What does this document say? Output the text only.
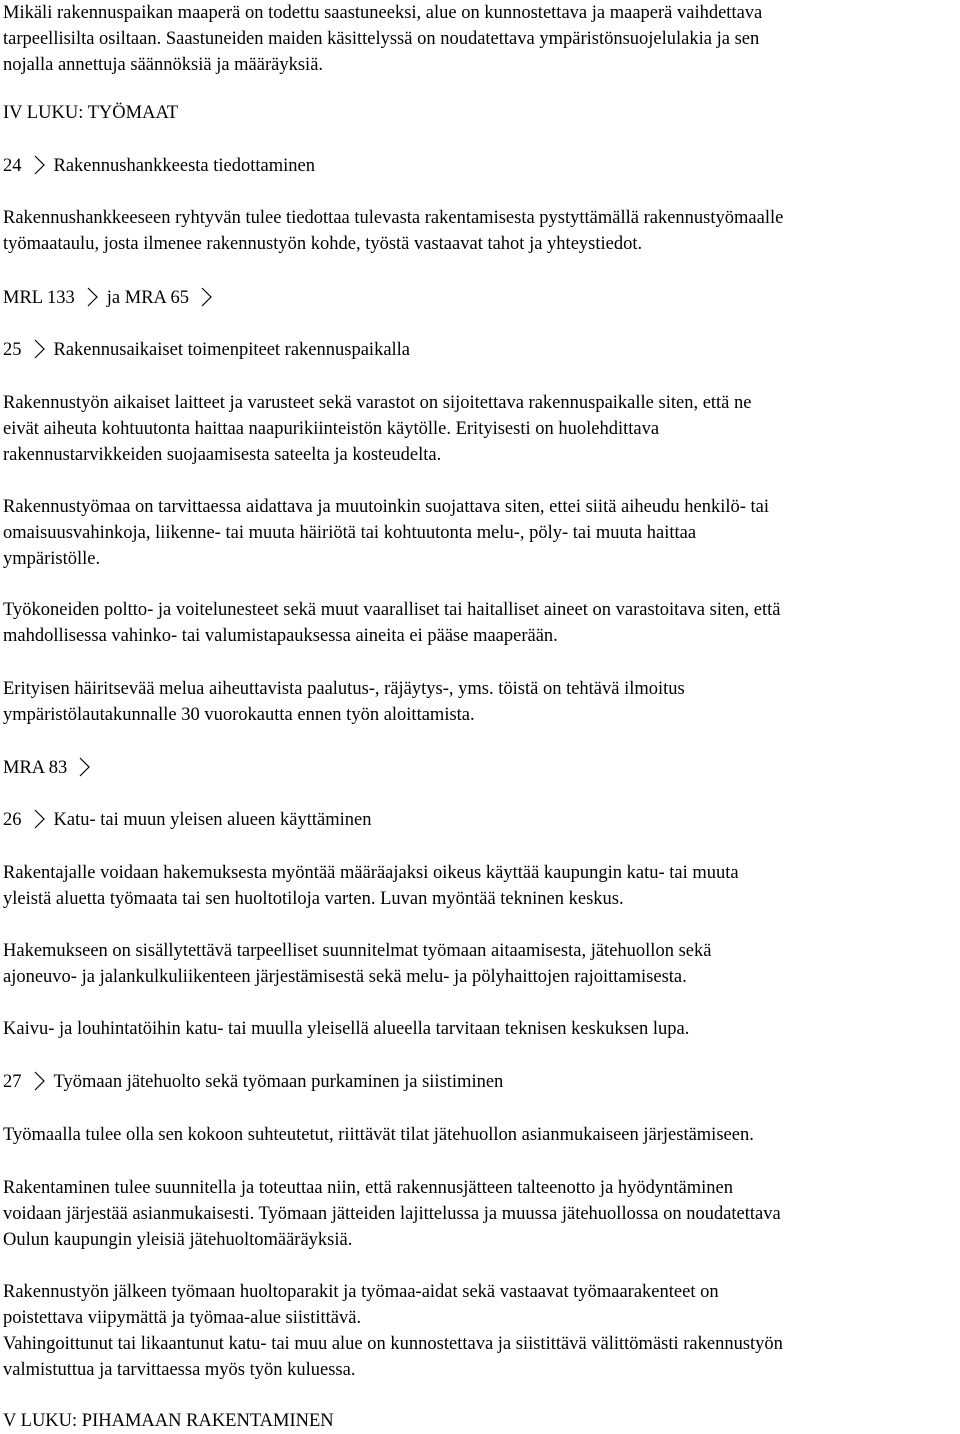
Mikäli rakennuspaikan maaperä on todettu saastuneeksi, alue on kunnostettava ja maaperä vaihdettava
tarpeellisilta osiltaan. Saastuneiden maiden käsittelyssä on noudatettava ympäristönsuojelulakia ja sen
nojalla annettuja säännöksiä ja määräyksiä.
IV LUKU: TYÖMAAT
24 Rakennushankkeesta tiedottaminen
Rakennushankkeeseen ryhtyvän tulee tiedottaa tulevasta rakentamisesta pystyttämällä rakennustyömaalle
työmaataulu, josta ilmenee rakennustyön kohde, työstä vastaavat tahot ja yhteystiedot.
MRL 133 ja MRA 65
25 Rakennusaikaiset toimenpiteet rakennuspaikalla
Rakennustyön aikaiset laitteet ja varusteet sekä varastot on sijoitettava rakennuspaikalle siten, että ne
eivät aiheuta kohtuutonta haittaa naapurikiinteistön käytölle. Erityisesti on huolehdittava
rakennustarvikkeiden suojaamisesta sateelta ja kosteudelta.
Rakennustyömaa on tarvittaessa aidattava ja muutoinkin suojattava siten, ettei siitä aiheudu henkilö- tai
omaisuusvahinkoja, liikenne- tai muuta häiriötä tai kohtuutonta melu-, pöly- tai muuta haittaa
ympäristölle.
Työkoneiden poltto- ja voitelunesteet sekä muut vaaralliset tai haitalliset aineet on varastoitava siten, että
mahdollisessa vahinko- tai valumistapauksessa aineita ei pääse maaperään.
Erityisen häiritsevää melua aiheuttavista paalutus-, räjäytys-, yms. töistä on tehtävä ilmoitus
ympäristölautakunnalle 30 vuorokautta ennen työn aloittamista.
MRA 83
26 Katu- tai muun yleisen alueen käyttäminen
Rakentajalle voidaan hakemuksesta myöntää määräajaksi oikeus käyttää kaupungin katu- tai muuta
yleistä aluetta työmaata tai sen huoltotiloja varten. Luvan myöntää tekninen keskus.
Hakemukseen on sisällytettävä tarpeelliset suunnitelmat työmaan aitaamisesta, jätehuollon sekä
ajoneuvo- ja jalankulkuliikenteen järjestämisestä sekä melu- ja pölyhaittojen rajoittamisesta.
Kaivu- ja louhintatöihin katu- tai muulla yleisellä alueella tarvitaan teknisen keskuksen lupa.
27 Työmaan jätehuolto sekä työmaan purkaminen ja siistiminen
Työmaalla tulee olla sen kokoon suhteutetut, riittävät tilat jätehuollon asianmukaiseen järjestämiseen.
Rakentaminen tulee suunnitella ja toteuttaa niin, että rakennusjätteen talteenotto ja hyödyntäminen
voidaan järjestää asianmukaisesti. Työmaan jätteiden lajittelussa ja muussa jätehuollossa on noudatettava
Oulun kaupungin yleisiä jätehuoltomääräyksiä.
Rakennustyön jälkeen työmaan huoltoparakit ja työmaa-aidat sekä vastaavat työmaarakenteet on
poistettava viipymättä ja työmaa-alue siistittävä.
Vahingoittunut tai likaantunut katu- tai muu alue on kunnostettava ja siistittävä välittömästi rakennustyön
valmistuttua ja tarvittaessa myös työn kuluessa.
V LUKU: PIHAMAAN RAKENTAMINEN
